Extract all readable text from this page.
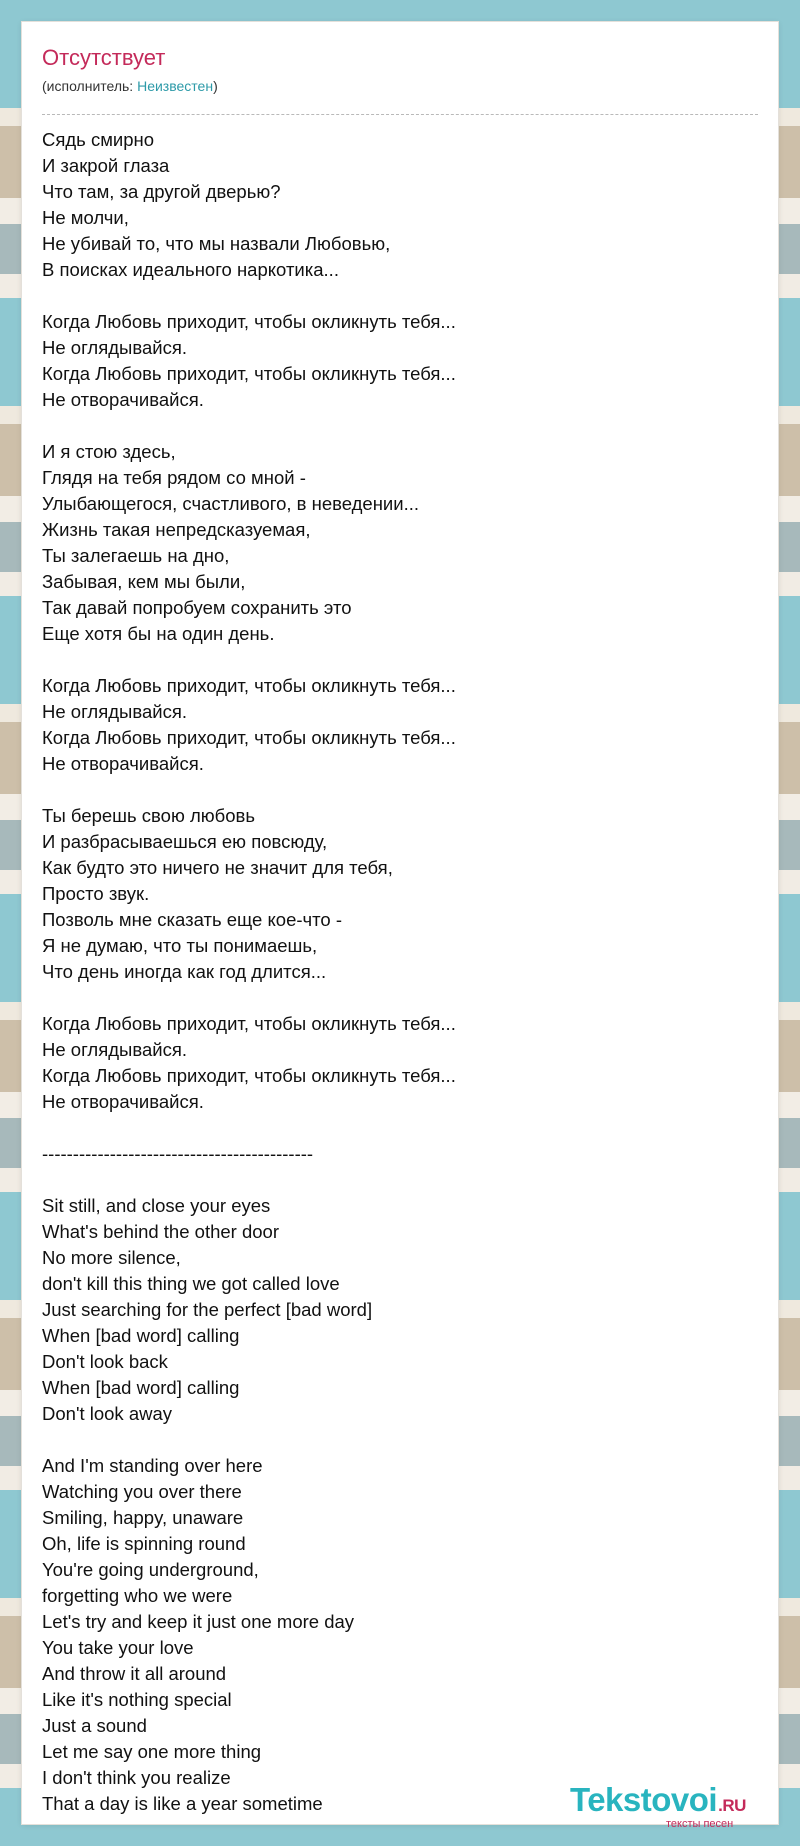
Отсутствует
(исполнитель: Неизвестен)
Сядь смирно
И закрой глаза
Что там, за другой дверью?
Не молчи,
Не убивай то, что мы назвали Любовью,
В поисках идеального наркотика...
Когда Любовь приходит, чтобы окликнуть тебя...
Не оглядывайся.
Когда Любовь приходит, чтобы окликнуть тебя...
Не отворачивайся.
И я стою здесь,
Глядя на тебя рядом со мной -
Улыбающегося, счастливого, в неведении...
Жизнь такая непредсказуемая,
Ты залегаешь на дно,
Забывая, кем мы были,
Так давай попробуем сохранить это
Еще хотя бы на один день.
Когда Любовь приходит, чтобы окликнуть тебя...
Не оглядывайся.
Когда Любовь приходит, чтобы окликнуть тебя...
Не отворачивайся.
Ты берешь свою любовь
И разбрасываешься ею повсюду,
Как будто это ничего не значит для тебя,
Просто звук.
Позволь мне сказать еще кое-что -
Я не думаю, что ты понимаешь,
Что день иногда как год длится...
Когда Любовь приходит, чтобы окликнуть тебя...
Не оглядывайся.
Когда Любовь приходит, чтобы окликнуть тебя...
Не отворачивайся.
--------------------------------------------
Sit still, and close your eyes
What's behind the other door
No more silence,
don't kill this thing we got called love
Just searching for the perfect [bad word]
When [bad word] calling
Don't look back
When [bad word] calling
Don't look away
And I'm standing over here
Watching you over there
Smiling, happy, unaware
Oh, life is spinning round
You're going underground,
forgetting who we were
Let's try and keep it just one more day
You take your love
And throw it all around
Like it's nothing special
Just a sound
Let me say one more thing
I don't think you realize
That a day is like a year sometime	Tekstovoi.RU
тексты песен
